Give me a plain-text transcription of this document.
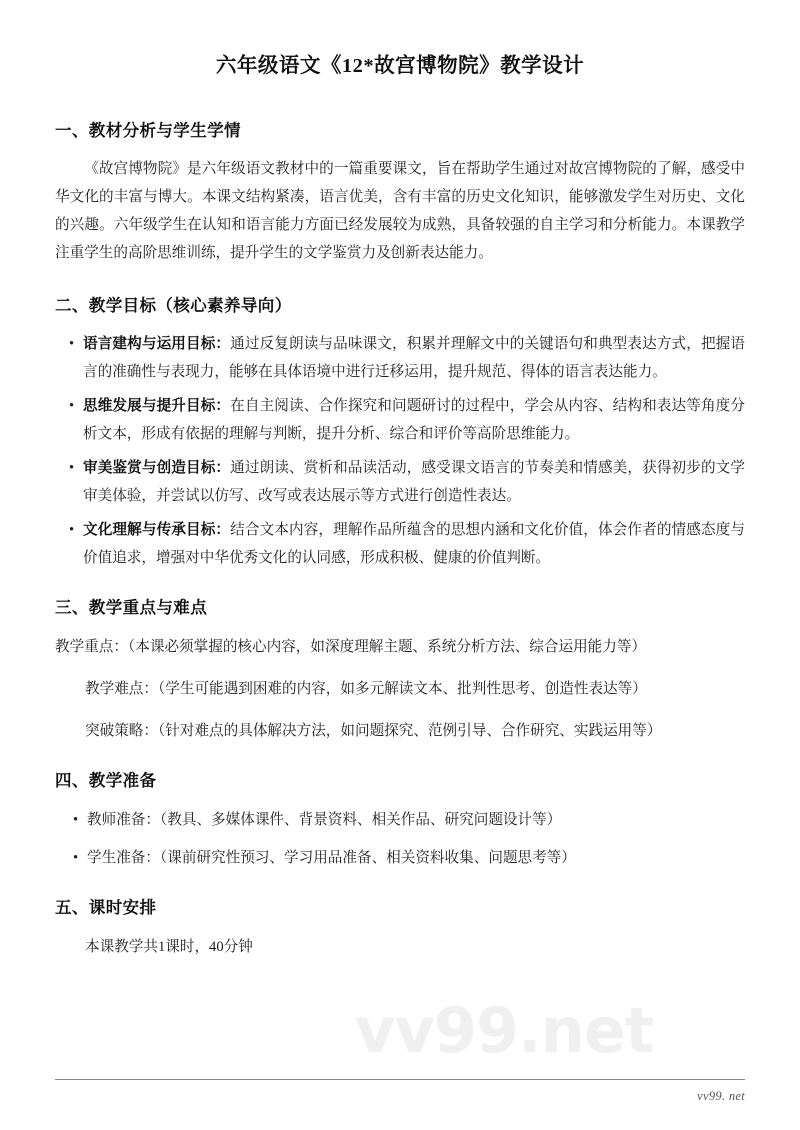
vv99.net
六年级语文《12*故宫博物院》教学设计
一、教材分析与学生学情

《故宫博物院》是六年级语文教材中的一篇重要课文，旨在帮助学生通过对故宫博物院的了解，感受中华文化的丰富与博大。本课文结构紧凑，语言优美，含有丰富的历史文化知识，能够激发学生对历史、文化的兴趣。六年级学生在认知和语言能力方面已经发展较为成熟，具备较强的自主学习和分析能力。本课教学注重学生的高阶思维训练，提升学生的文学鉴赏力及创新表达能力。

二、教学目标（核心素养导向）
• 语言建构与运用目标：通过反复朗读与品味课文，积累并理解文中的关键语句和典型表达方式，把握语言的准确性与表现力，能够在具体语境中进行迁移运用，提升规范、得体的语言表达能力。
• 思维发展与提升目标：在自主阅读、合作探究和问题研讨的过程中，学会从内容、结构和表达等角度分析文本，形成有依据的理解与判断，提升分析、综合和评价等高阶思维能力。
• 审美鉴赏与创造目标：通过朗读、赏析和品读活动，感受课文语言的节奏美和情感美，获得初步的文学审美体验，并尝试以仿写、改写或表达展示等方式进行创造性表达。
• 文化理解与传承目标：结合文本内容，理解作品所蕴含的思想内涵和文化价值，体会作者的情感态度与价值追求，增强对中华优秀文化的认同感，形成积极、健康的价值判断。
三、教学重点与难点

教学重点：（本课必须掌握的核心内容，如深度理解主题、系统分析方法、综合运用能力等）

教学难点：（学生可能遇到困难的内容，如多元解读文本、批判性思考、创造性表达等）

突破策略：（针对难点的具体解决方法，如问题探究、范例引导、合作研究、实践运用等）

四、教学准备
• 教师准备：（教具、多媒体课件、背景资料、相关作品、研究问题设计等）
• 学生准备：（课前研究性预习、学习用品准备、相关资料收集、问题思考等）
五、课时安排

本课教学共1课时，40分钟

vv99. net
